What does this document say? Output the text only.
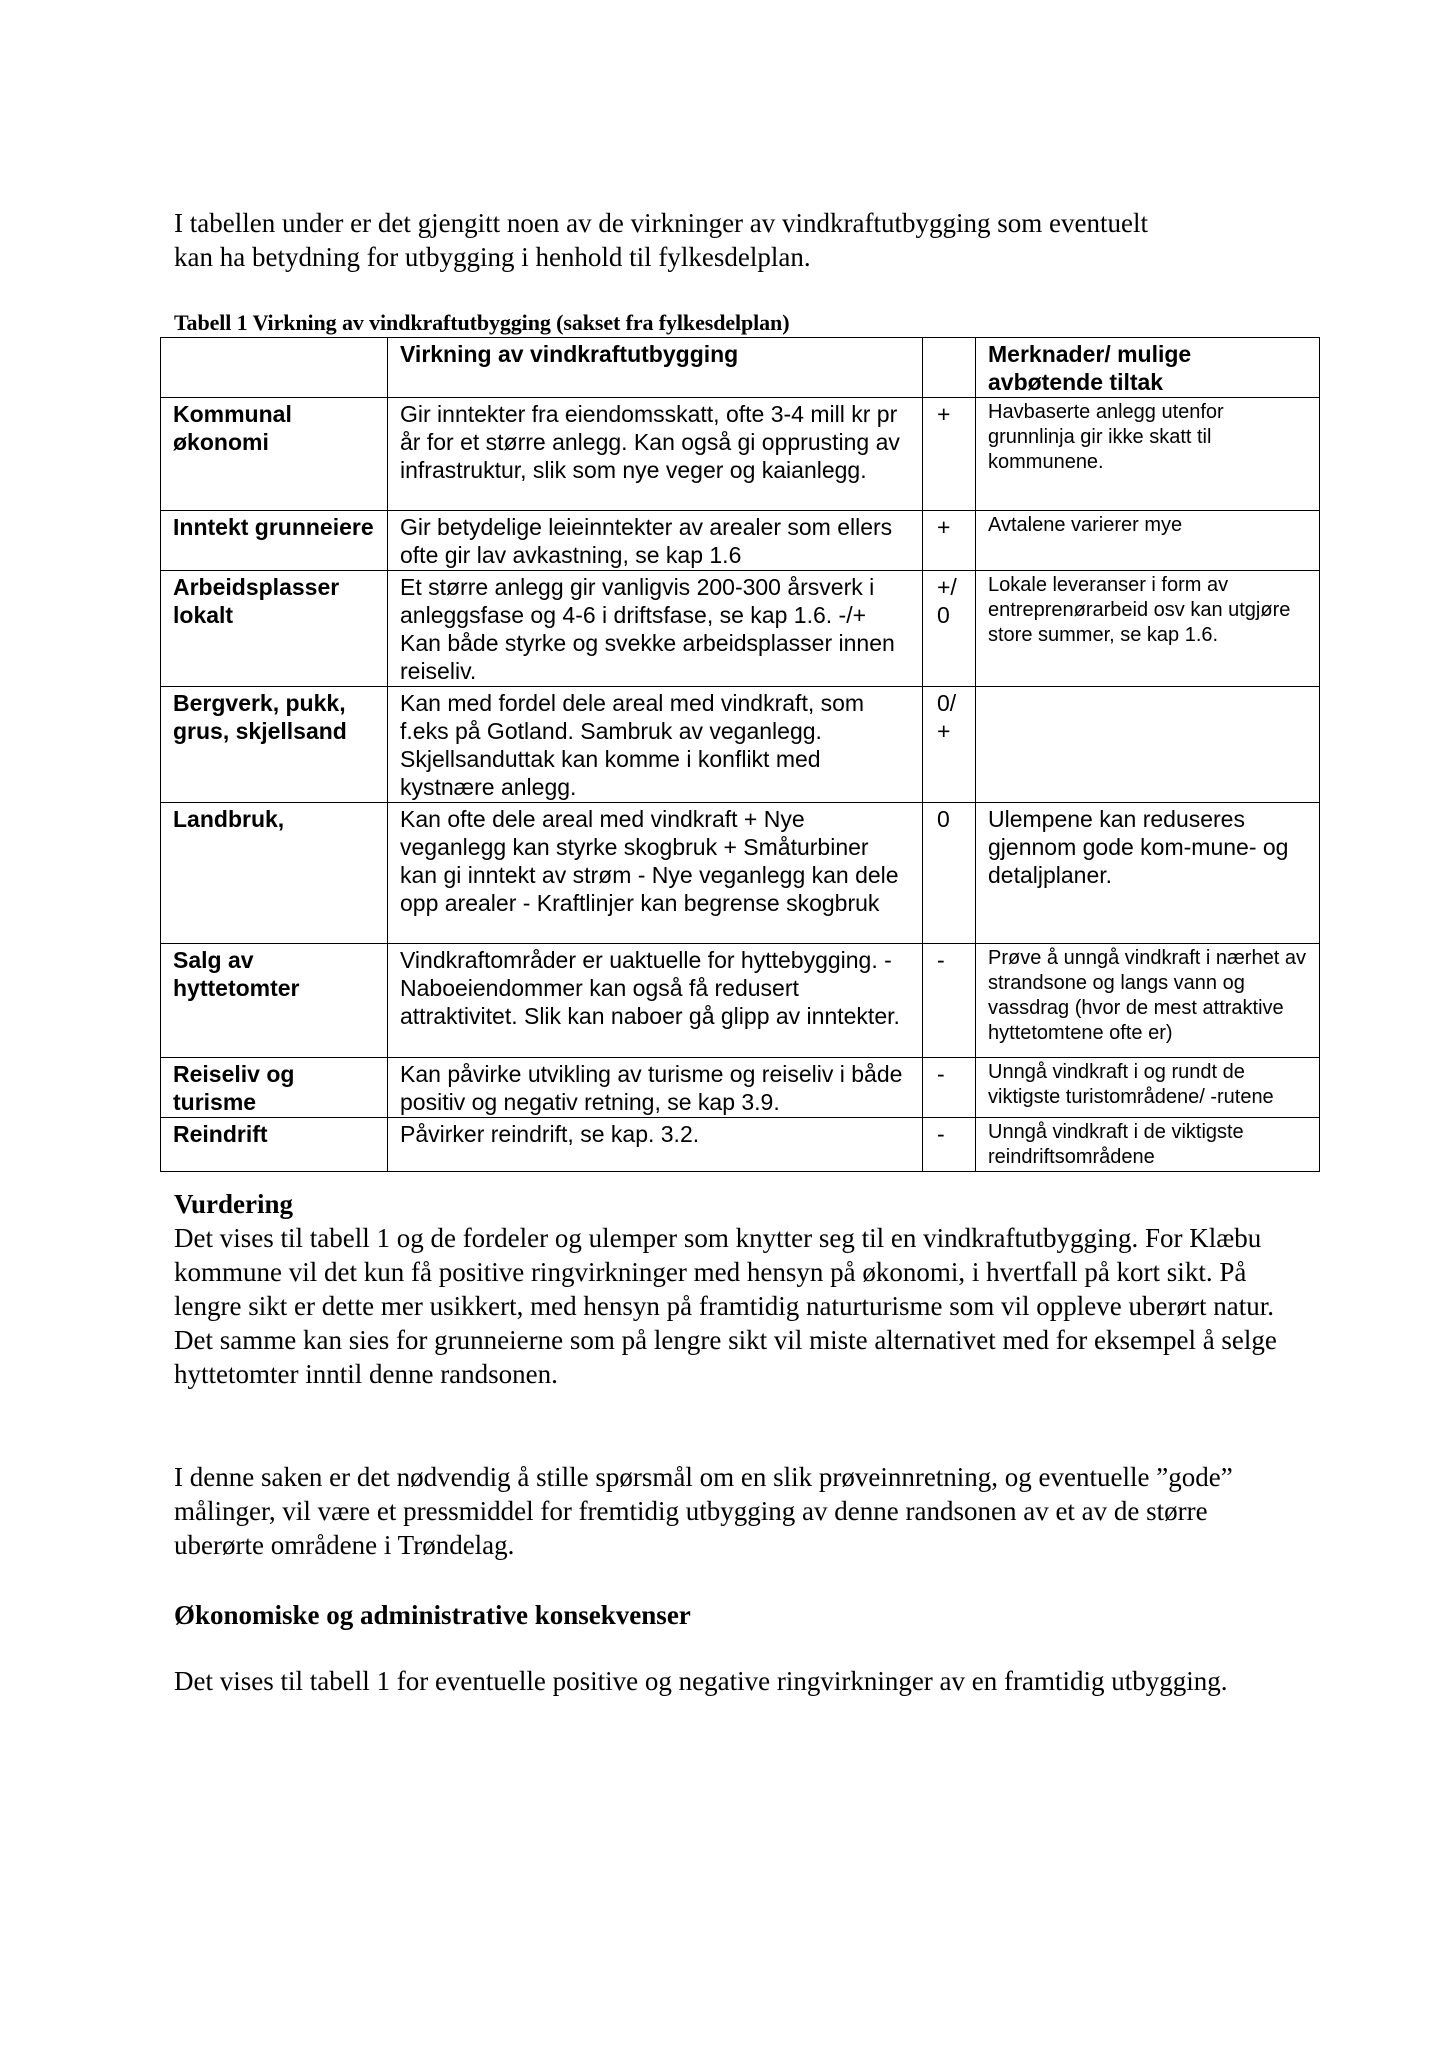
I tabellen under er det gjengitt noen av de virkninger av vindkraftutbygging som eventuelt

kan ha betydning for utbygging i henhold til fylkesdelplan.

Tabell 1 Virkning av vindkraftutbygging (sakset fra fylkesdelplan)
	Virkning av vindkraftutbygging		Merknader/ mulige avbøtende tiltak
Kommunal økonomi	Gir inntekter fra eiendomsskatt, ofte 3-4 mill kr pr år for et større anlegg. Kan også gi opprusting av infrastruktur, slik som nye veger og kaianlegg.	+	Havbaserte anlegg utenfor grunnlinja gir ikke skatt til kommunene.
Inntekt grunneiere	Gir betydelige leieinntekter av arealer som ellers ofte gir lav avkastning, se kap 1.6	+	Avtalene varierer mye
Arbeidsplasser lokalt	Et større anlegg gir vanligvis 200-300 årsverk i anleggsfase og 4-6 i driftsfase, se kap 1.6. -/+ Kan både styrke og svekke arbeidsplasser innen reiseliv.	+/ 0	Lokale leveranser i form av entreprenørarbeid osv kan utgjøre store summer, se kap 1.6.
Bergverk, pukk, grus, skjellsand	Kan med fordel dele areal med vindkraft, som f.eks på Gotland. Sambruk av veganlegg. Skjellsanduttak kan komme i konflikt med kystnære anlegg.	0/ +	
Landbruk,	Kan ofte dele areal med vindkraft + Nye veganlegg kan styrke skogbruk + Småturbiner kan gi inntekt av strøm - Nye veganlegg kan dele opp arealer - Kraftlinjer kan begrense skogbruk	0	Ulempene kan reduseres gjennom gode kom-mune- og detaljplaner.
Salg av hyttetomter	Vindkraftområder er uaktuelle for hyttebygging. - Naboeiendommer kan også få redusert attraktivitet. Slik kan naboer gå glipp av inntekter.	-	Prøve å unngå vindkraft i nærhet av strandsone og langs vann og vassdrag (hvor de mest attraktive hyttetomtene ofte er)
Reiseliv og turisme	Kan påvirke utvikling av turisme og reiseliv i både positiv og negativ retning, se kap 3.9.	-	Unngå vindkraft i og rundt de viktigste turistområdene/ -rutene
Reindrift	Påvirker reindrift, se kap. 3.2.	-	Unngå vindkraft i de viktigste reindriftsområdene
Vurdering

Det vises til tabell 1 og de fordeler og ulemper som knytter seg til en vindkraftutbygging. For Klæbu kommune vil det kun få positive ringvirkninger med hensyn på økonomi, i hvertfall på kort sikt. På lengre sikt er dette mer usikkert, med hensyn på framtidig naturturisme som vil oppleve uberørt natur. Det samme kan sies for grunneierne som på lengre sikt vil miste alternativet med for eksempel å selge hyttetomter inntil denne randsonen.

I denne saken er det nødvendig å stille spørsmål om en slik prøveinnretning, og eventuelle ”gode” målinger, vil være et pressmiddel for fremtidig utbygging av denne randsonen av et av de større uberørte områdene i Trøndelag.

Økonomiske og administrative konsekvenser

Det vises til tabell 1 for eventuelle positive og negative ringvirkninger av en framtidig utbygging.
